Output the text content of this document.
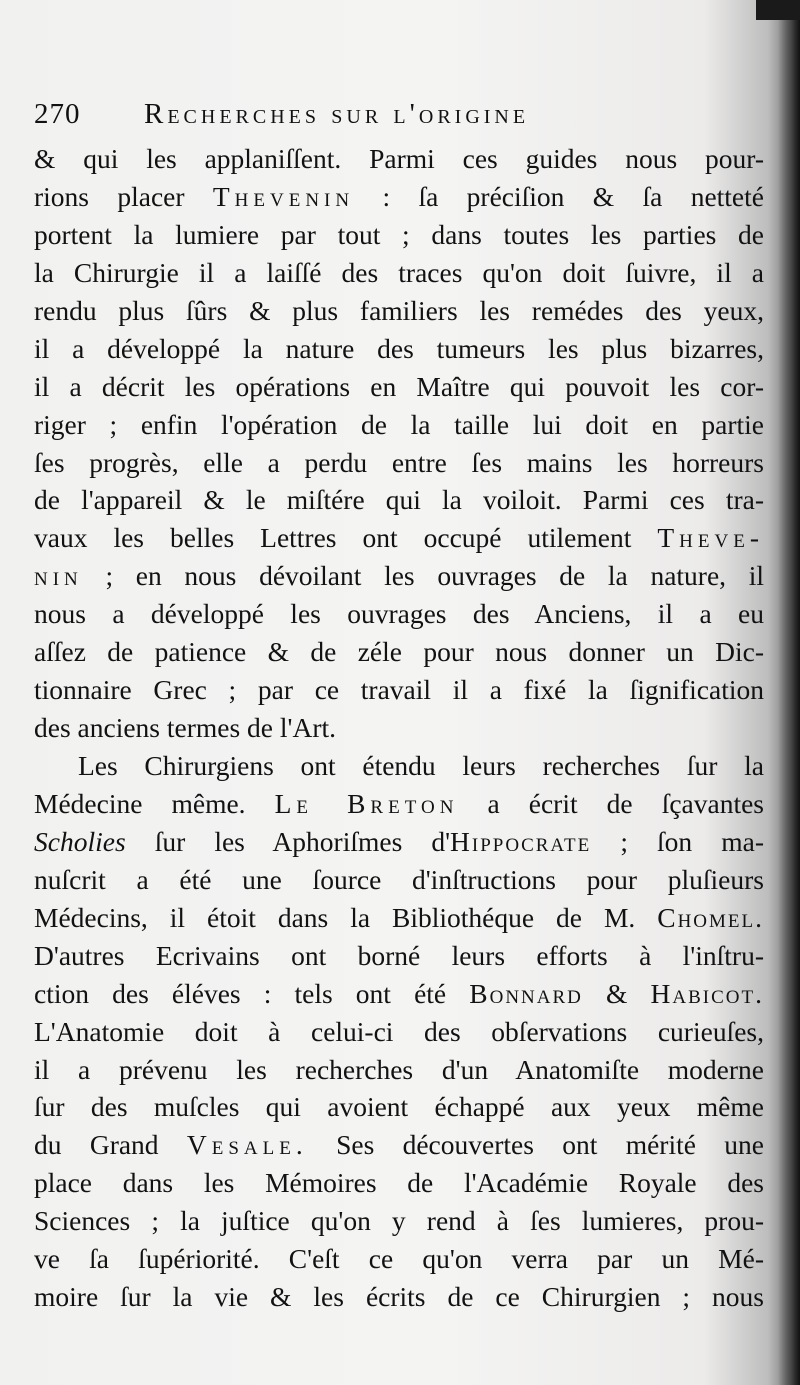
270 Recherches sur l'origine
& qui les applaniſſent. Parmi ces guides nous pour-
rions placer Thevenin : ſa préciſion & ſa netteté
portent la lumiere par tout ; dans toutes les parties de
la Chirurgie il a laiſſé des traces qu'on doit ſuivre, il a
rendu plus ſûrs & plus familiers les remédes des yeux,
il a développé la nature des tumeurs les plus bizarres,
il a décrit les opérations en Maître qui pouvoit les cor-
riger ; enfin l'opération de la taille lui doit en partie
ſes progrès, elle a perdu entre ſes mains les horreurs
de l'appareil & le miſtére qui la voiloit. Parmi ces tra-
vaux les belles Lettres ont occupé utilement Theve-
nin ; en nous dévoilant les ouvrages de la nature, il
nous a développé les ouvrages des Anciens, il a eu
aſſez de patience & de zéle pour nous donner un Dic-
tionnaire Grec ; par ce travail il a fixé la ſignification
des anciens termes de l'Art.
Les Chirurgiens ont étendu leurs recherches ſur la
Médecine même. Le Breton a écrit de ſçavantes
Scholies ſur les Aphoriſmes d'Hippocrate ; ſon ma-
nuſcrit a été une ſource d'inſtructions pour pluſieurs
Médecins, il étoit dans la Bibliothéque de M. Chomel.
D'autres Ecrivains ont borné leurs efforts à l'inſtru-
ction des éléves : tels ont été Bonnard & Habicot.
L'Anatomie doit à celui-ci des obſervations curieuſes,
il a prévenu les recherches d'un Anatomiſte moderne
ſur des muſcles qui avoient échappé aux yeux même
du Grand Vesale. Ses découvertes ont mérité une
place dans les Mémoires de l'Académie Royale des
Sciences ; la juſtice qu'on y rend à ſes lumieres, prou-
ve ſa ſupériorité. C'eſt ce qu'on verra par un Mé-
moire ſur la vie & les écrits de ce Chirurgien ; nous
